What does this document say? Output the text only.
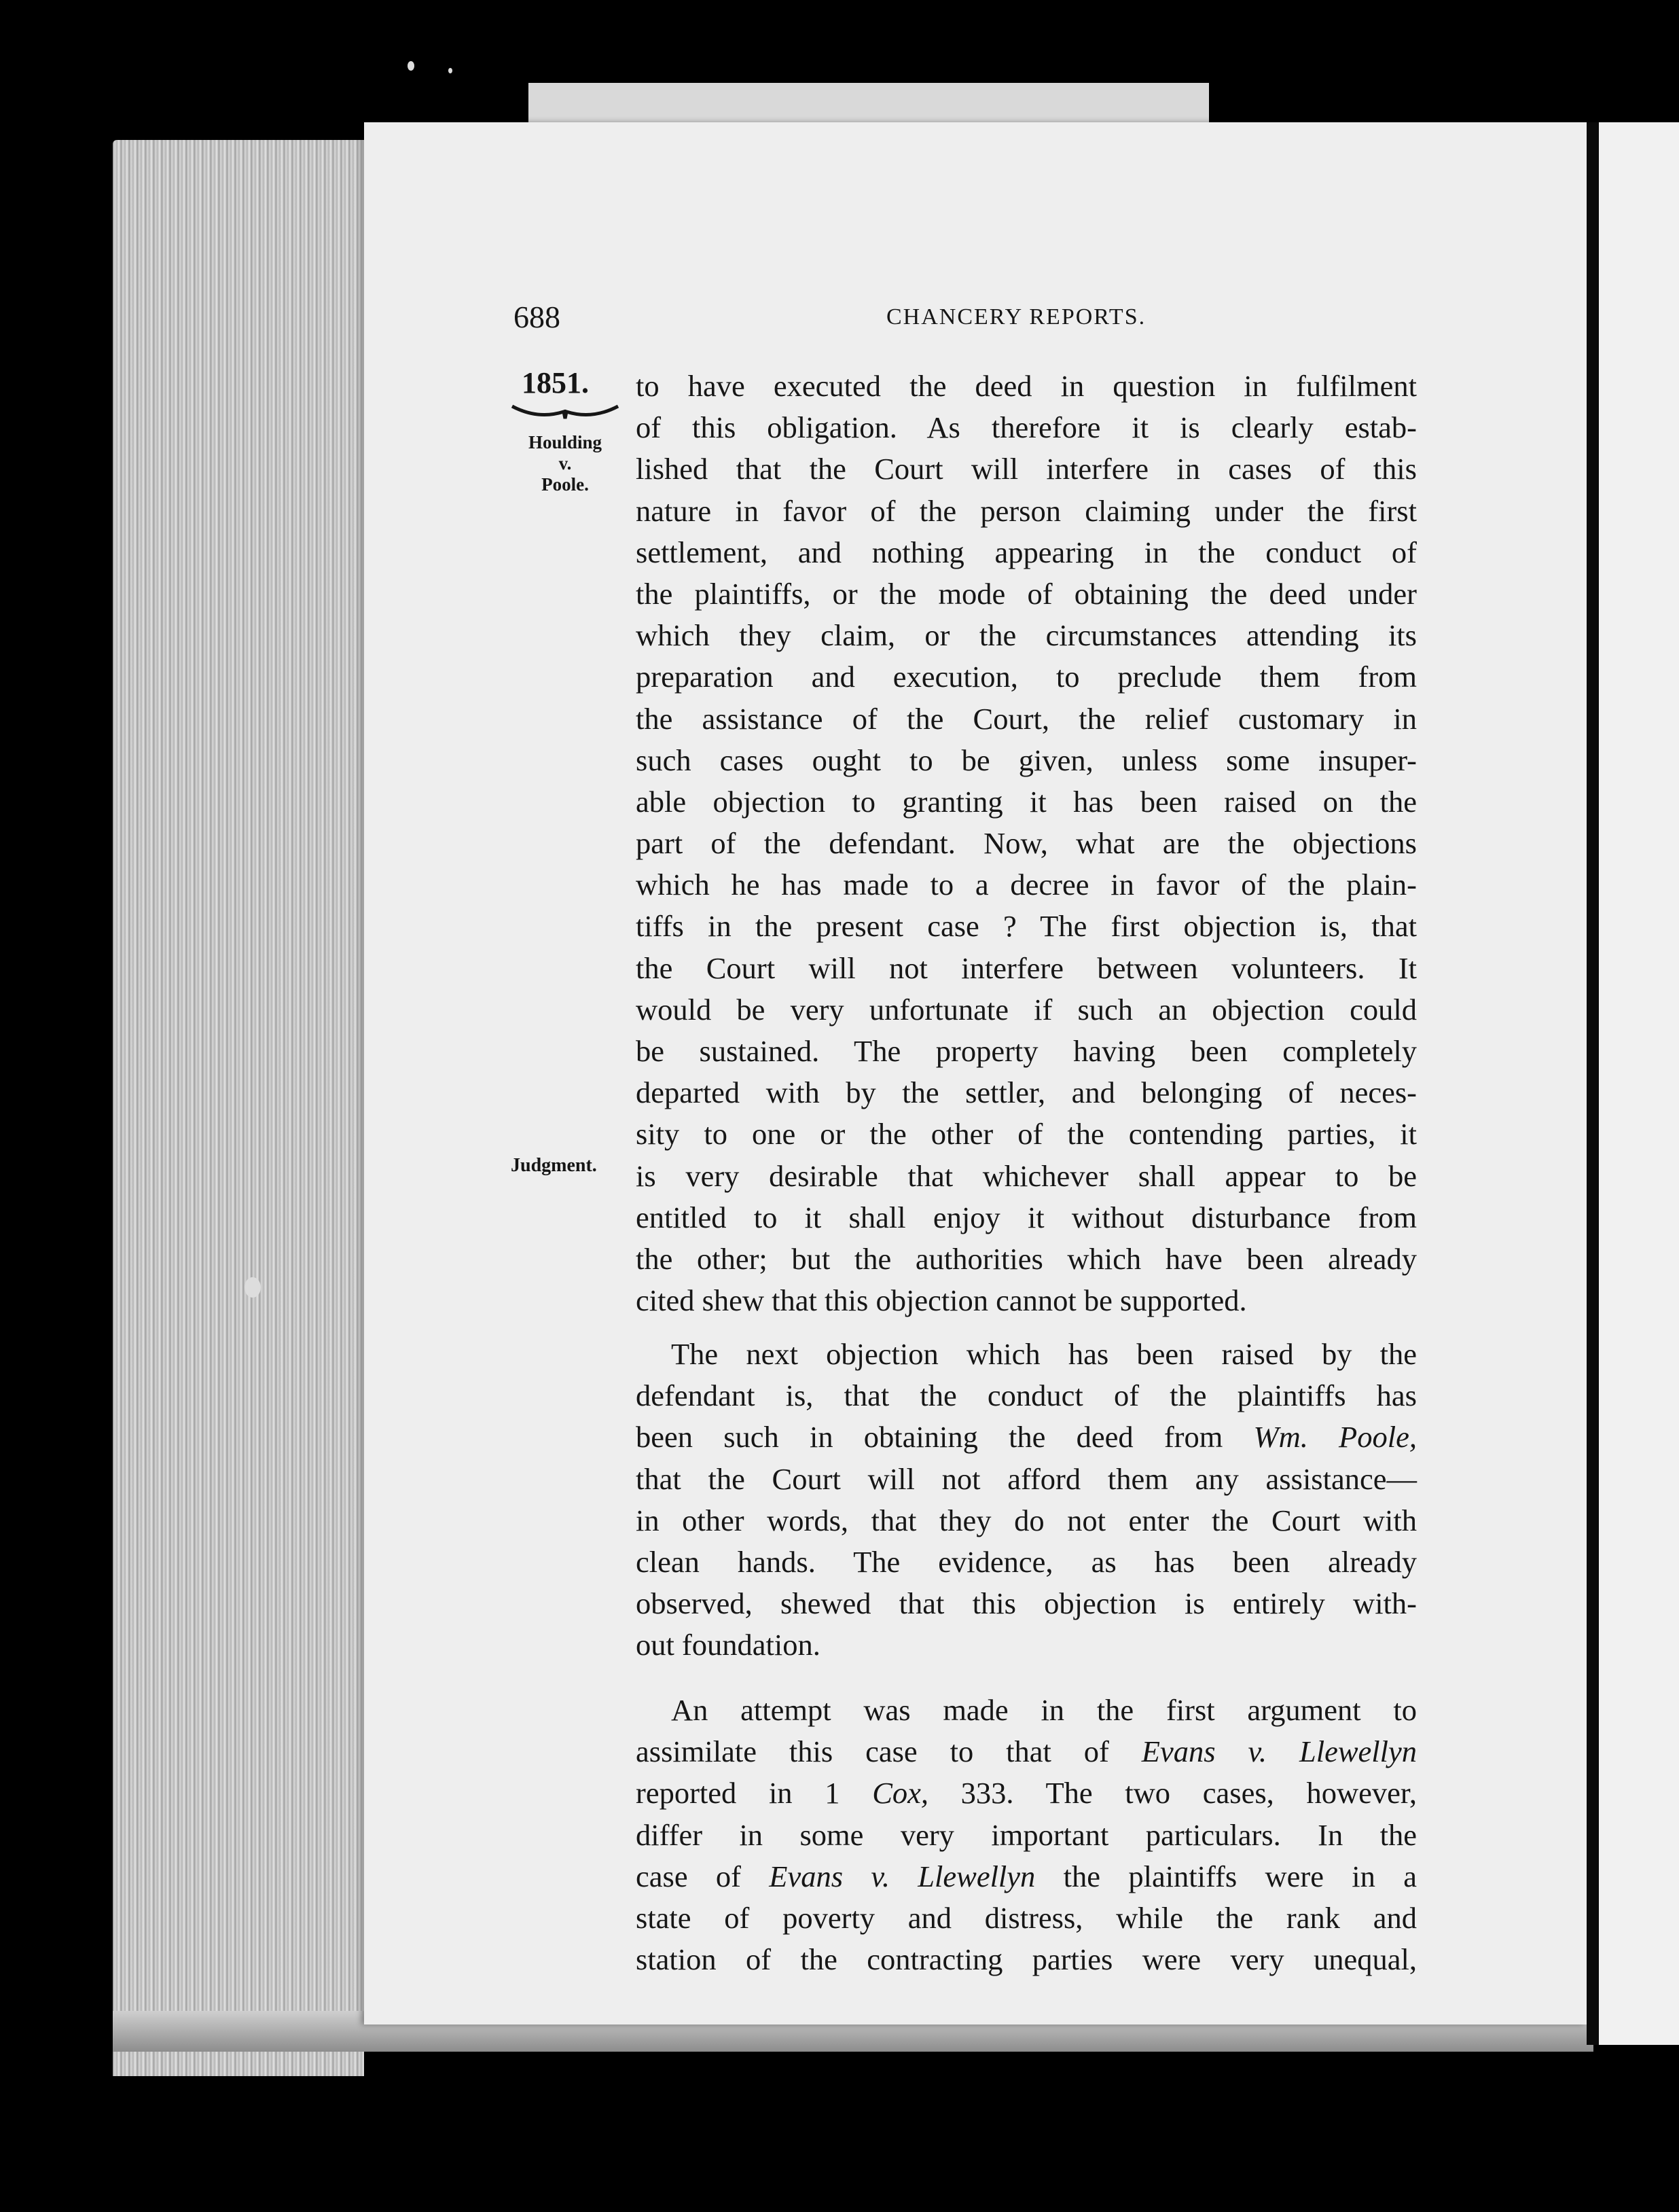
688	CHANCERY REPORTS.
1851.
Houlding
v.
Poole.
Judgment.
to have executed the deed in question in fulfilment
of this obligation. As therefore it is clearly estab-
lished that the Court will interfere in cases of this
nature in favor of the person claiming under the first
settlement, and nothing appearing in the conduct of
the plaintiffs, or the mode of obtaining the deed under
which they claim, or the circumstances attending its
preparation and execution, to preclude them from
the assistance of the Court, the relief customary in
such cases ought to be given, unless some insuper-
able objection to granting it has been raised on the
part of the defendant. Now, what are the objections
which he has made to a decree in favor of the plain-
tiffs in the present case ? The first objection is, that
the Court will not interfere between volunteers. It
would be very unfortunate if such an objection could
be sustained. The property having been completely
departed with by the settler, and belonging of neces-
sity to one or the other of the contending parties, it
is very desirable that whichever shall appear to be
entitled to it shall enjoy it without disturbance from
the other; but the authorities which have been already
cited shew that this objection cannot be supported.
The next objection which has been raised by the
defendant is, that the conduct of the plaintiffs has
been such in obtaining the deed from Wm. Poole,
that the Court will not afford them any assistance—
in other words, that they do not enter the Court with
clean hands. The evidence, as has been already
observed, shewed that this objection is entirely with-
out foundation.
An attempt was made in the first argument to
assimilate this case to that of Evans v. Llewellyn
reported in 1 Cox, 333. The two cases, however,
differ in some very important particulars. In the
case of Evans v. Llewellyn the plaintiffs were in a
state of poverty and distress, while the rank and
station of the contracting parties were very unequal,
